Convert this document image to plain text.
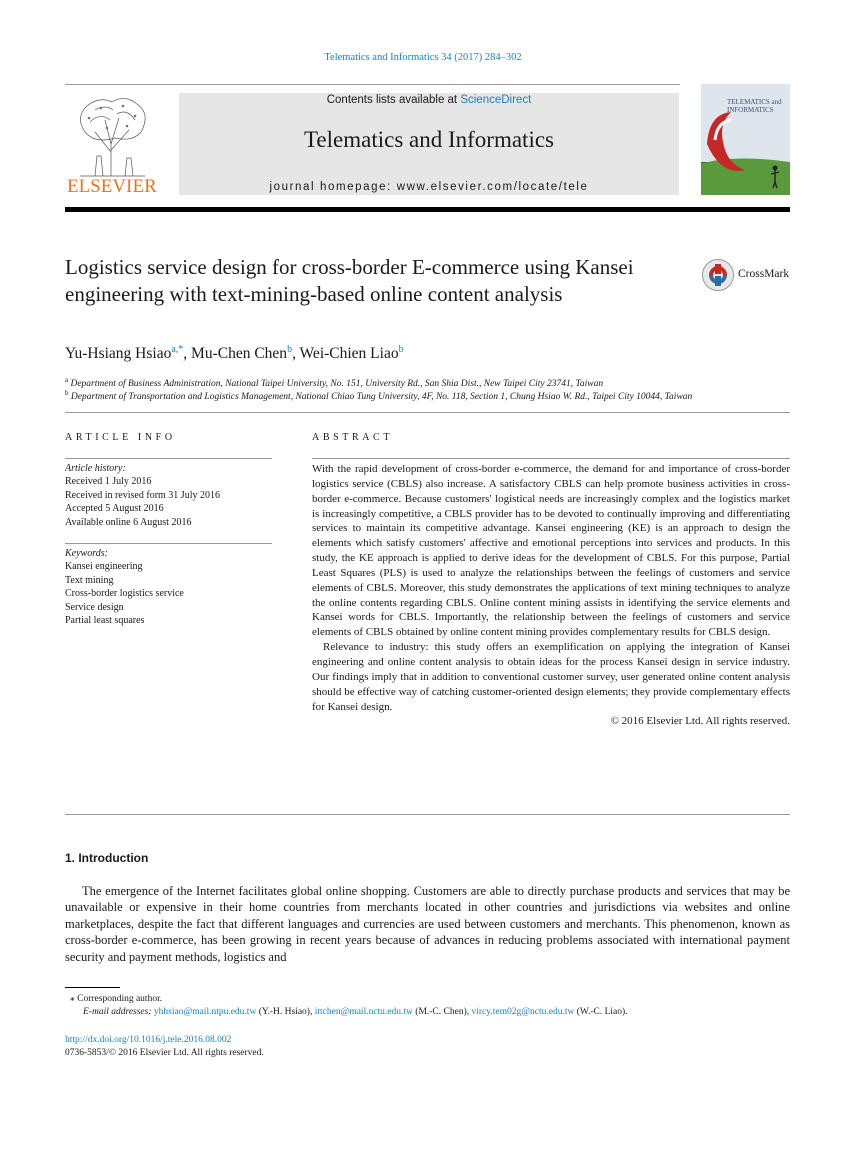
Telematics and Informatics 34 (2017) 284–302
ELSEVIER
Contents lists available at ScienceDirect
Telematics and Informatics
journal homepage: www.elsevier.com/locate/tele
TELEMATICS and
INFORMATICS
Logistics service design for cross-border E-commerce using Kansei engineering with text-mining-based online content analysis
CrossMark
Yu-Hsiang Hsiao$^{a,*}$, Mu-Chen Chen$^b$, Wei-Chien Liao$^b$
$^a$ Department of Business Administration, National Taipei University, No. 151, University Rd., San Shia Dist., New Taipei City 23741, Taiwan
$^b$ Department of Transportation and Logistics Management, National Chiao Tung University, 4F, No. 118, Section 1, Chung Hsiao W. Rd., Taipei City 10044, Taiwan
ARTICLE INFO
Article history:
Received 1 July 2016
Received in revised form 31 July 2016
Accepted 5 August 2016
Available online 6 August 2016
Keywords:
Kansei engineering
Text mining
Cross-border logistics service
Service design
Partial least squares
ABSTRACT

With the rapid development of cross-border e-commerce, the demand for and importance of cross-border logistics service (CBLS) also increase. A satisfactory CBLS can help promote business activities in cross-border e-commerce. Because customers' logistical needs are increasingly complex and the logistics market is increasingly competitive, a CBLS provider has to be devoted to continually improving and differentiating services to maintain its competitive advantage. Kansei engineering (KE) is an approach to design the elements which satisfy customers' affective and emotional perceptions into services and products. In this study, the KE approach is applied to derive ideas for the development of CBLS. For this purpose, Partial Least Squares (PLS) is used to analyze the relationships between the feelings of customers and service elements of CBLS. Moreover, this study demonstrates the applications of text mining techniques to analyze the online contents regarding CBLS. Online content mining assists in identifying the service elements and Kansei words for CBLS. Importantly, the relationship between the feelings of customers and service elements of CBLS obtained by online content mining provides complementary results for CBLS design.

Relevance to industry: this study offers an exemplification on applying the integration of Kansei engineering and online content analysis to obtain ideas for the process Kansei design in service industry. Our findings imply that in addition to conventional customer survey, user generated online content analysis should be effective way of catching customer-oriented design elements; they provide complementary effects for Kansei design.

© 2016 Elsevier Ltd. All rights reserved.

1. Introduction
The emergence of the Internet facilitates global online shopping. Customers are able to directly purchase products and services that may be unavailable or expensive in their home countries from merchants located in other countries and jurisdictions via websites and online marketplaces, despite the fact that different languages and currencies are used between customers and merchants. This phenomenon, known as cross-border e-commerce, has been growing in recent years because of advances in reducing problems associated with international payment security and payment methods, logistics and
⁎ Corresponding author.
E-mail addresses: yhhsiao@mail.ntpu.edu.tw (Y.-H. Hsiao), ittchen@mail.nctu.edu.tw (M.-C. Chen), vircy.tem02g@nctu.edu.tw (W.-C. Liao).
http://dx.doi.org/10.1016/j.tele.2016.08.002
0736-5853/© 2016 Elsevier Ltd. All rights reserved.
